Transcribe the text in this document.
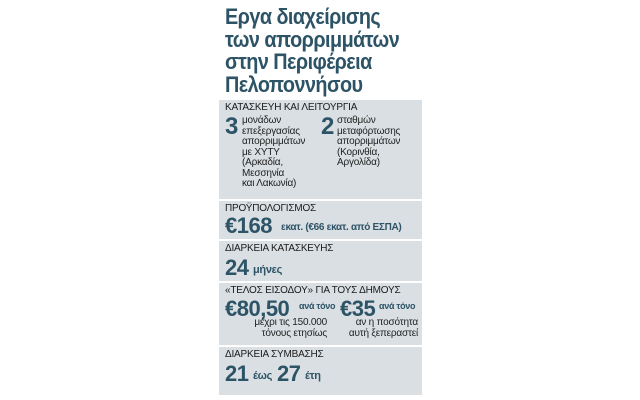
Εργα διαχείρισης
των απορριμμάτων
στην Περιφέρεια
Πελοποννήσου
ΚΑΤΑΣΚΕΥΗ ΚΑΙ ΛΕΙΤΟΥΡΓΙΑ
3 μονάδων
επεξεργασίας
απορριμμάτων
με ΧΥΤΥ
(Αρκαδία,
Μεσσηνία
και Λακωνία)
2 σταθμών
μεταφόρτωσης
απορριμμάτων
(Κορινθία,
Αργολίδα)
ΠΡΟΫΠΟΛΟΓΙΣΜΟΣ
€168 εκατ. (€66 εκατ. από ΕΣΠΑ)
ΔΙΑΡΚΕΙΑ ΚΑΤΑΣΚΕΥΗΣ
24 μήνες
«ΤΕΛΟΣ ΕΙΣΟΔΟΥ» ΓΙΑ ΤΟΥΣ ΔΗΜΟΥΣ
€80,50 ανά τόνο
μέχρι τις 150.000
τόνους ετησίως
€35 ανά τόνο
αν η ποσότητα
αυτή ξεπεραστεί
ΔΙΑΡΚΕΙΑ ΣΥΜΒΑΣΗΣ
21 έως 27 έτη
